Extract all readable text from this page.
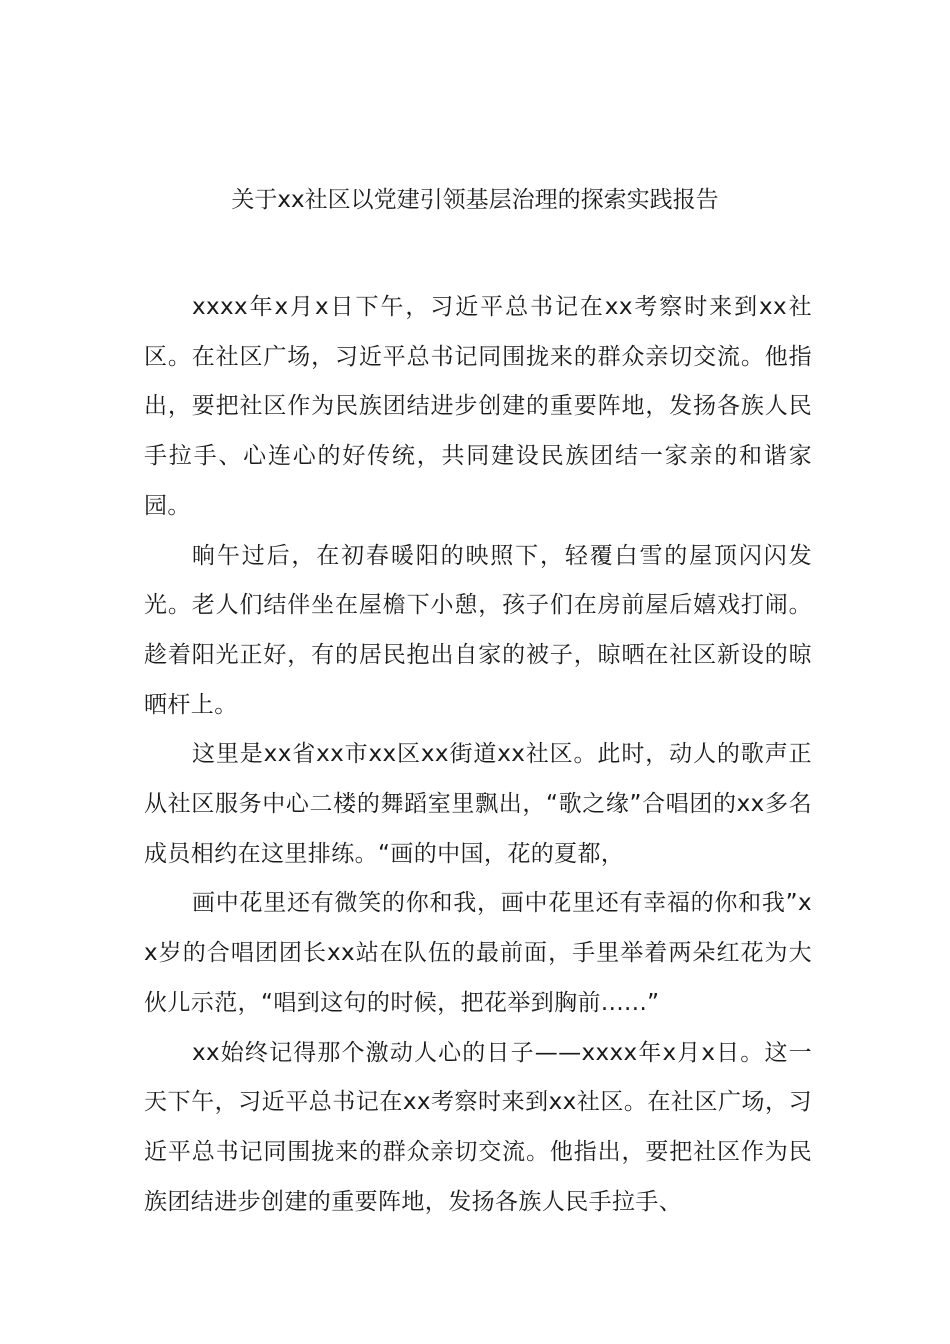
关于xx社区以党建引领基层治理的探索实践报告

xxxx年x月x日下午，习近平总书记在xx考察时来到xx社区。在社区广场，习近平总书记同围拢来的群众亲切交流。他指出，要把社区作为民族团结进步创建的重要阵地，发扬各族人民手拉手、心连心的好传统，共同建设民族团结一家亲的和谐家园。

晌午过后，在初春暖阳的映照下，轻覆白雪的屋顶闪闪发光。老人们结伴坐在屋檐下小憩，孩子们在房前屋后嬉戏打闹。趁着阳光正好，有的居民抱出自家的被子，晾晒在社区新设的晾晒杆上。

这里是xx省xx市xx区xx街道xx社区。此时，动人的歌声正从社区服务中心二楼的舞蹈室里飘出，“歌之缘”合唱团的xx多名成员相约在这里排练。“画的中国，花的夏都，

画中花里还有微笑的你和我，画中花里还有幸福的你和我”xx岁的合唱团团长xx站在队伍的最前面，手里举着两朵红花为大伙儿示范，“唱到这句的时候，把花举到胸前......”

xx始终记得那个激动人心的日子——xxxx年x月x日。这一天下午，习近平总书记在xx考察时来到xx社区。在社区广场，习近平总书记同围拢来的群众亲切交流。他指出，要把社区作为民族团结进步创建的重要阵地，发扬各族人民手拉手、
